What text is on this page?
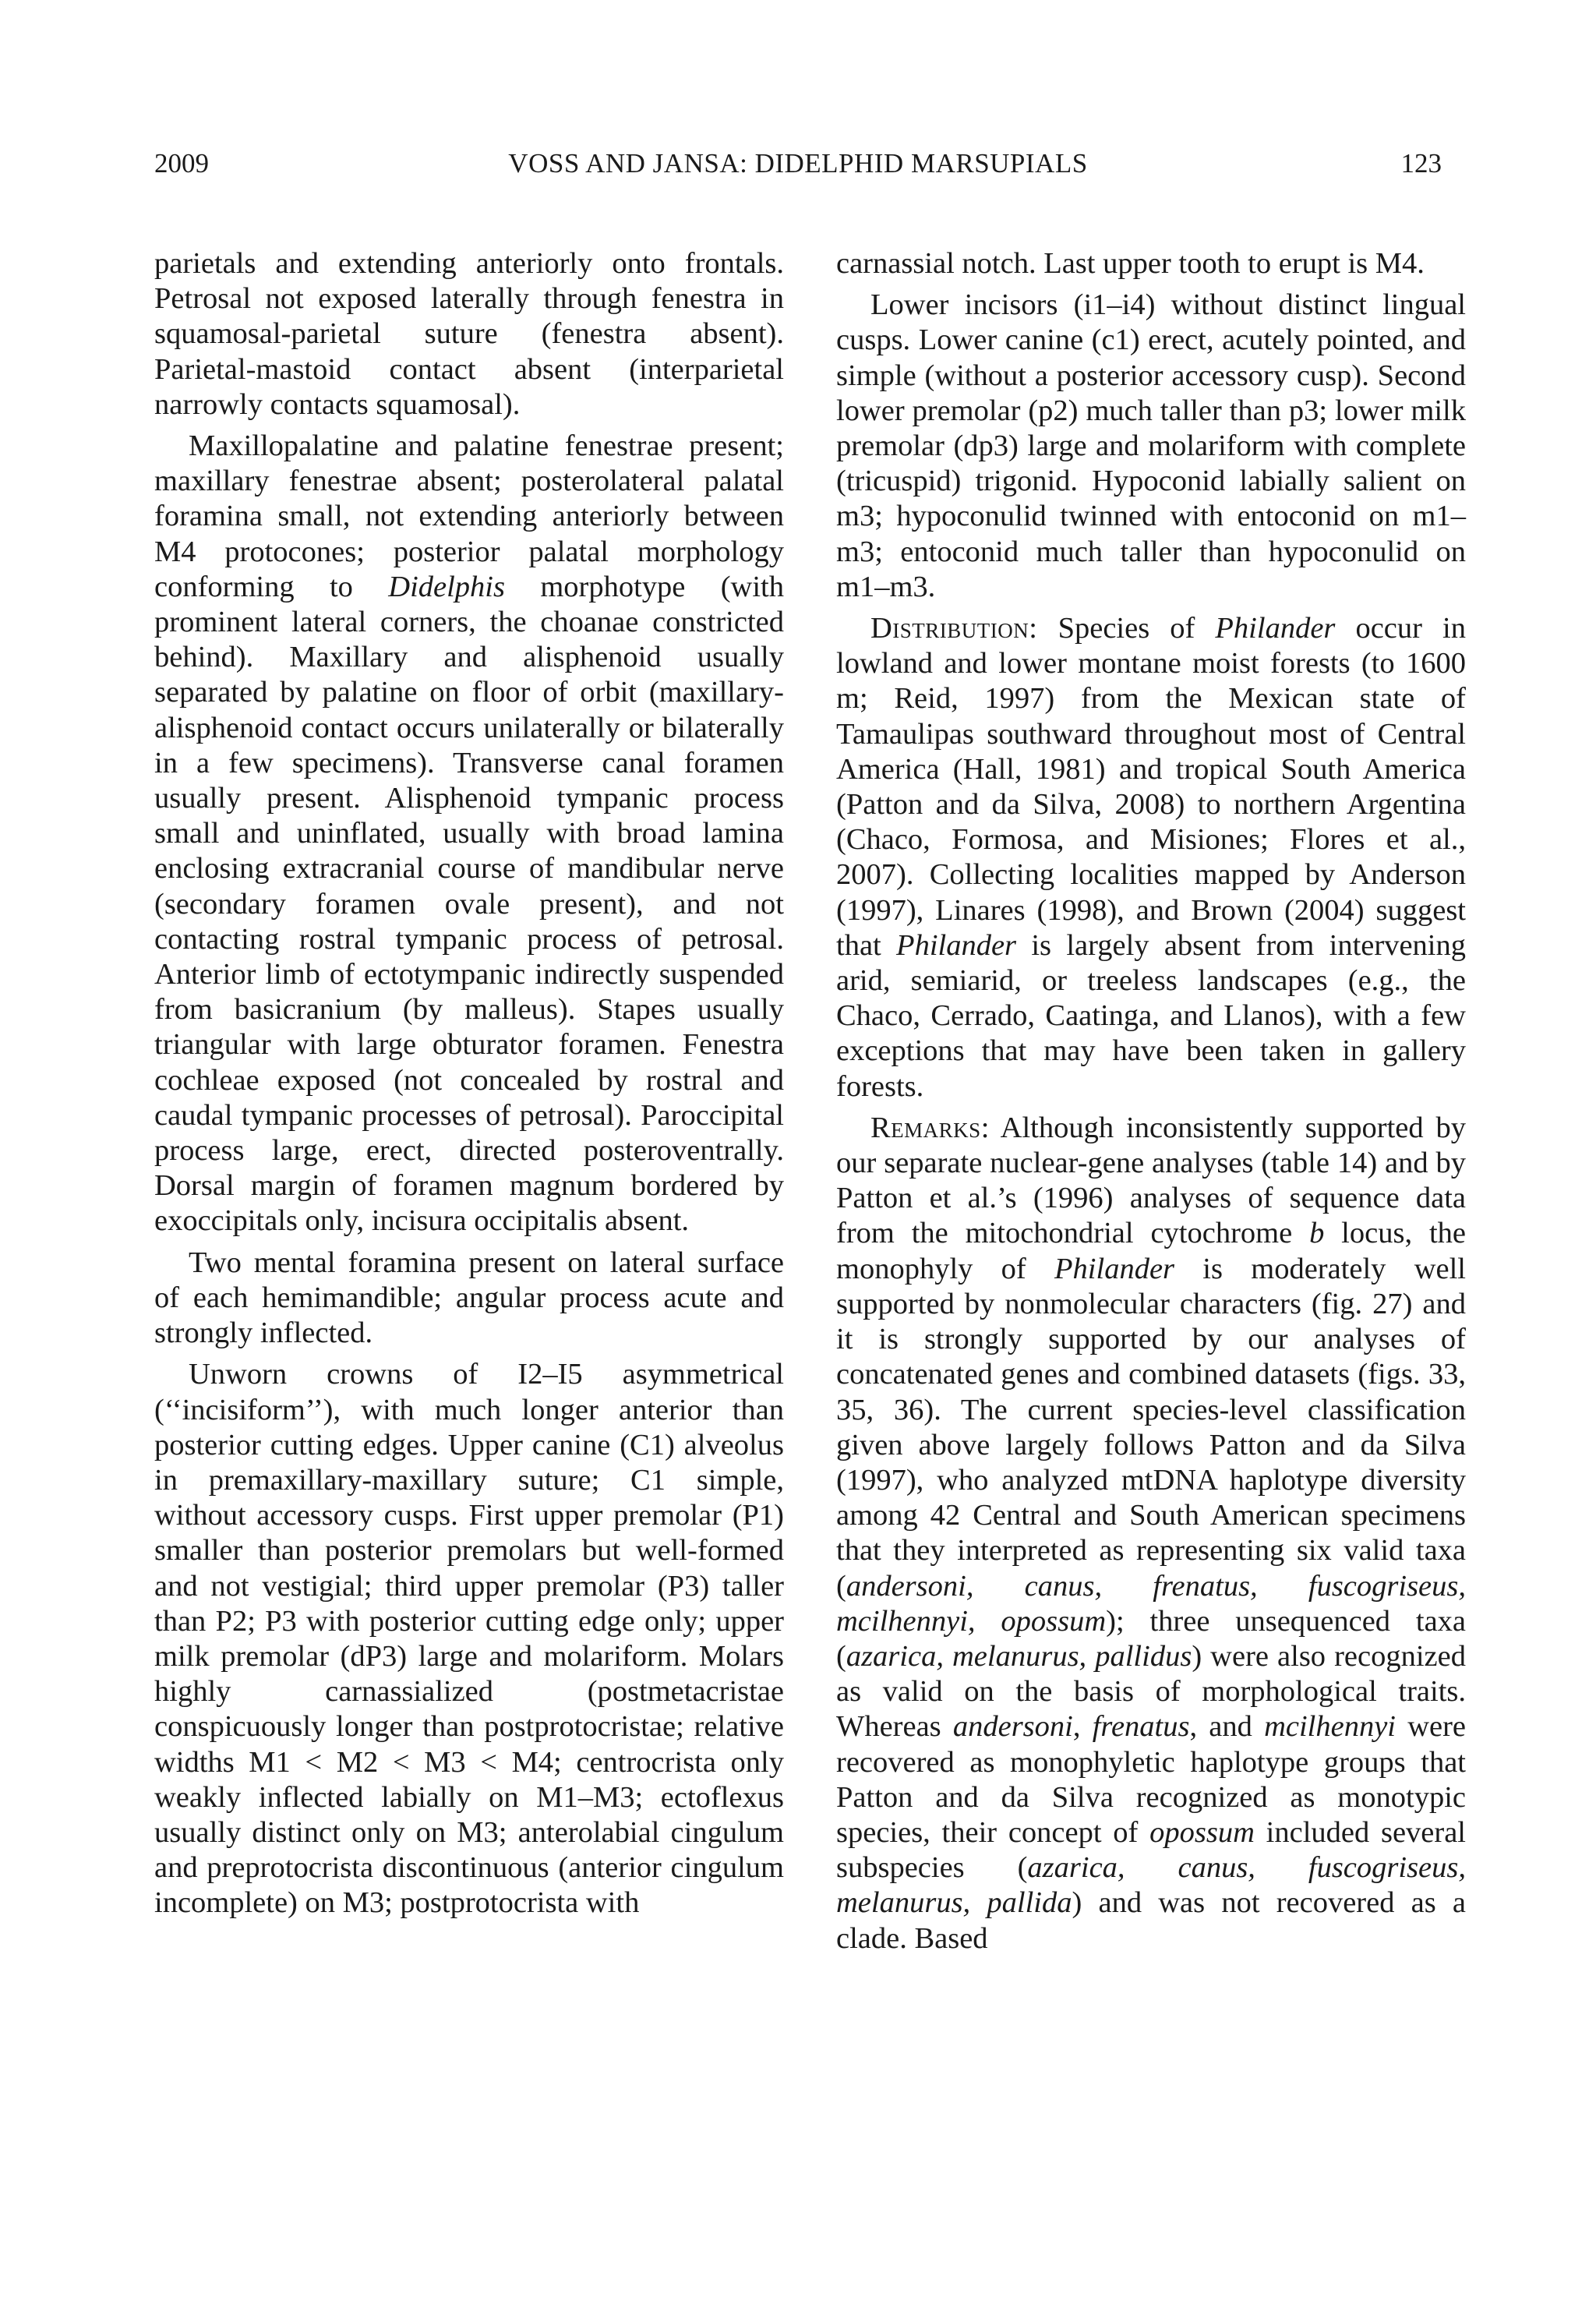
2009	VOSS AND JANSA: DIDELPHID MARSUPIALS	123

parietals and extending anteriorly onto frontals. Petrosal not exposed laterally through fenestra in squamosal-parietal suture (fenestra absent). Parietal-mastoid contact absent (interparietal narrowly contacts squamosal).

Maxillopalatine and palatine fenestrae present; maxillary fenestrae absent; posterolateral palatal foramina small, not extending anteriorly between M4 protocones; posterior palatal morphology conforming to Didelphis morphotype (with prominent lateral corners, the choanae constricted behind). Maxillary and alisphenoid usually separated by palatine on floor of orbit (maxillary-alisphenoid contact occurs unilaterally or bilaterally in a few specimens). Transverse canal foramen usually present. Alisphenoid tympanic process small and uninflated, usually with broad lamina enclosing extracranial course of mandibular nerve (secondary foramen ovale present), and not contacting rostral tympanic process of petrosal. Anterior limb of ectotympanic indirectly suspended from basicranium (by malleus). Stapes usually triangular with large obturator foramen. Fenestra cochleae exposed (not concealed by rostral and caudal tympanic processes of petrosal). Paroccipital process large, erect, directed posteroventrally. Dorsal margin of foramen magnum bordered by exoccipitals only, incisura occipitalis absent.

Two mental foramina present on lateral surface of each hemimandible; angular process acute and strongly inflected.

Unworn crowns of I2–I5 asymmetrical (‘‘incisiform’’), with much longer anterior than posterior cutting edges. Upper canine (C1) alveolus in premaxillary-maxillary suture; C1 simple, without accessory cusps. First upper premolar (P1) smaller than posterior premolars but well-formed and not vestigial; third upper premolar (P3) taller than P2; P3 with posterior cutting edge only; upper milk premolar (dP3) large and molariform. Molars highly carnassialized (postmetacristae conspicuously longer than postprotocristae; relative widths M1 < M2 < M3 < M4; centrocrista only weakly inflected labially on M1–M3; ectoflexus usually distinct only on M3; anterolabial cingulum and preprotocrista discontinuous (anterior cingulum incomplete) on M3; postprotocrista with

carnassial notch. Last upper tooth to erupt is M4.

Lower incisors (i1–i4) without distinct lingual cusps. Lower canine (c1) erect, acutely pointed, and simple (without a posterior accessory cusp). Second lower premolar (p2) much taller than p3; lower milk premolar (dp3) large and molariform with complete (tricuspid) trigonid. Hypoconid labially salient on m3; hypoconulid twinned with entoconid on m1–m3; entoconid much taller than hypoconulid on m1–m3.

Distribution: Species of Philander occur in lowland and lower montane moist forests (to 1600 m; Reid, 1997) from the Mexican state of Tamaulipas southward throughout most of Central America (Hall, 1981) and tropical South America (Patton and da Silva, 2008) to northern Argentina (Chaco, Formosa, and Misiones; Flores et al., 2007). Collecting localities mapped by Anderson (1997), Linares (1998), and Brown (2004) suggest that Philander is largely absent from intervening arid, semiarid, or treeless landscapes (e.g., the Chaco, Cerrado, Caatinga, and Llanos), with a few exceptions that may have been taken in gallery forests.

Remarks: Although inconsistently supported by our separate nuclear-gene analyses (table 14) and by Patton et al.’s (1996) analyses of sequence data from the mitochondrial cytochrome b locus, the monophyly of Philander is moderately well supported by nonmolecular characters (fig. 27) and it is strongly supported by our analyses of concatenated genes and combined datasets (figs. 33, 35, 36). The current species-level classification given above largely follows Patton and da Silva (1997), who analyzed mtDNA haplotype diversity among 42 Central and South American specimens that they interpreted as representing six valid taxa (andersoni, canus, frenatus, fuscogriseus, mcilhennyi, opossum); three unsequenced taxa (azarica, melanurus, pallidus) were also recognized as valid on the basis of morphological traits. Whereas andersoni, frenatus, and mcilhennyi were recovered as monophyletic haplotype groups that Patton and da Silva recognized as monotypic species, their concept of opossum included several subspecies (azarica, canus, fuscogriseus, melanurus, pallida) and was not recovered as a clade. Based
